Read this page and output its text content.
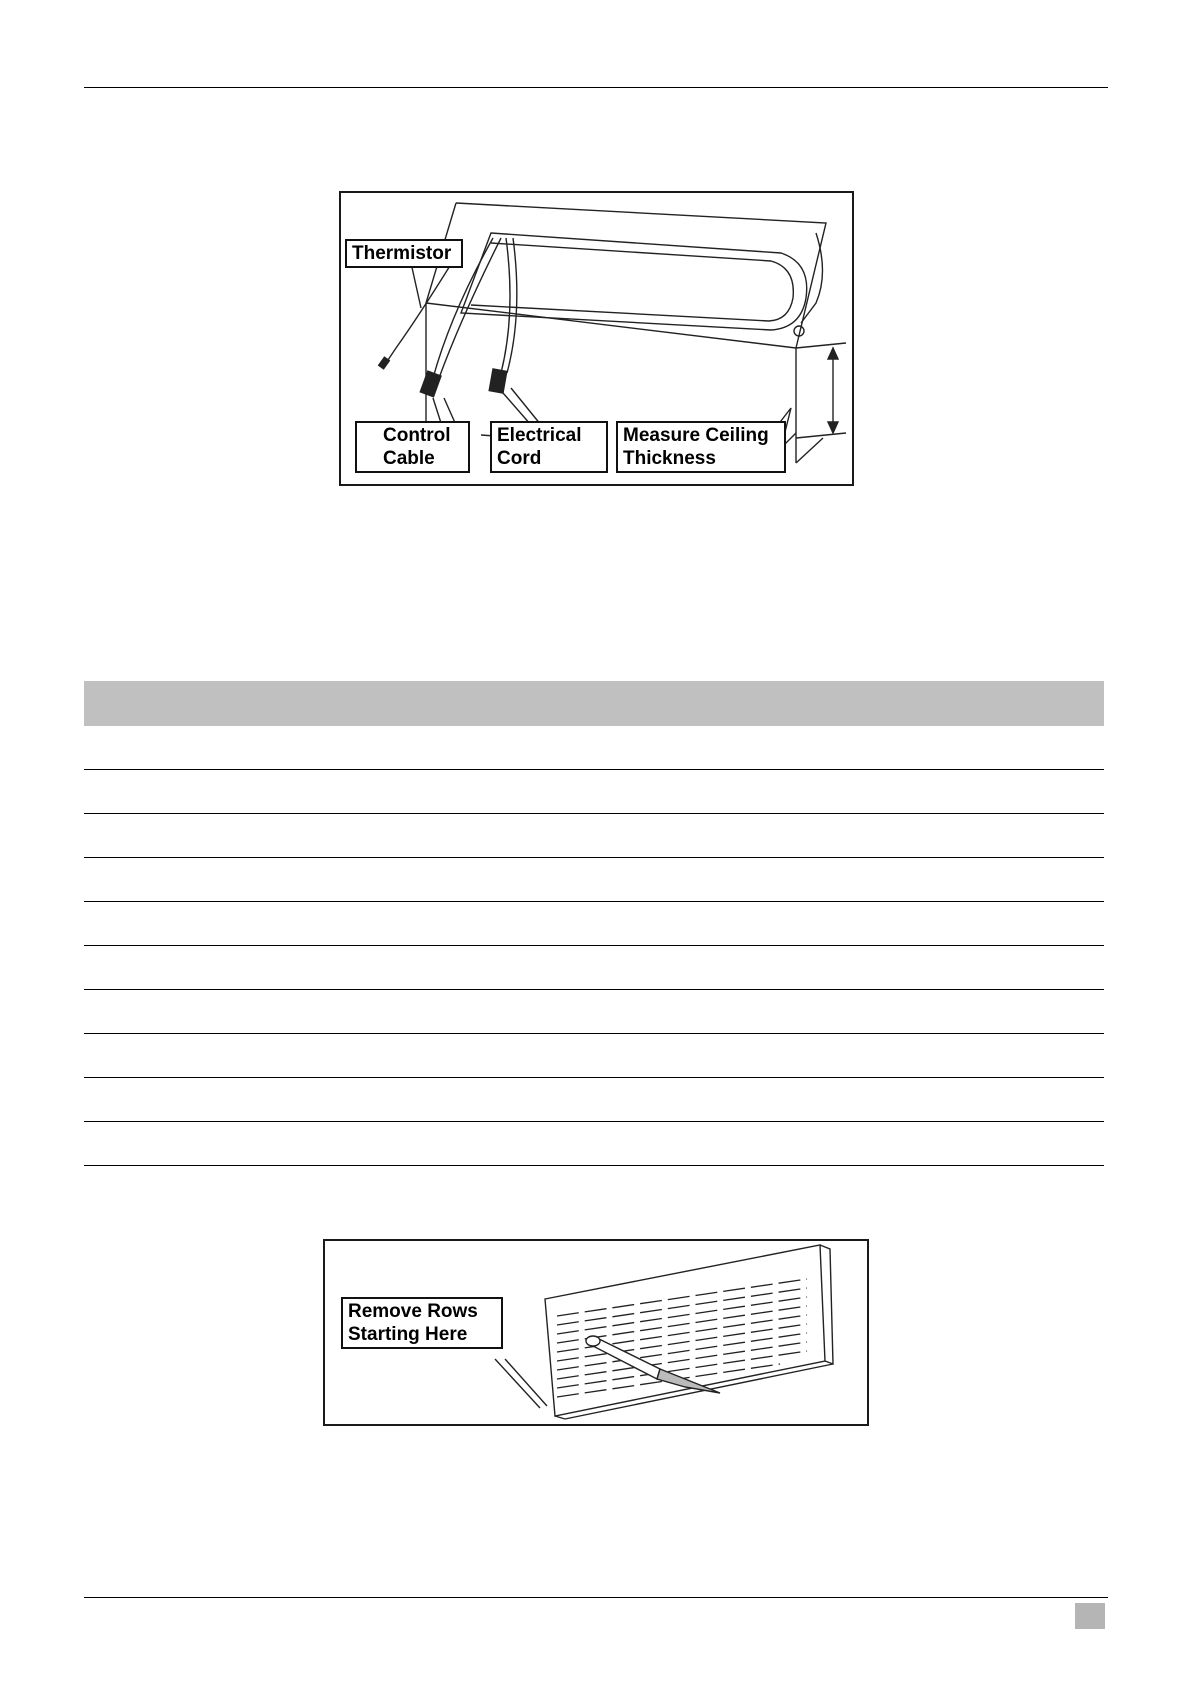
Thermistor
Control
Cable
Electrical
Cord
Measure Ceiling
Thickness
Remove Rows
Starting Here
